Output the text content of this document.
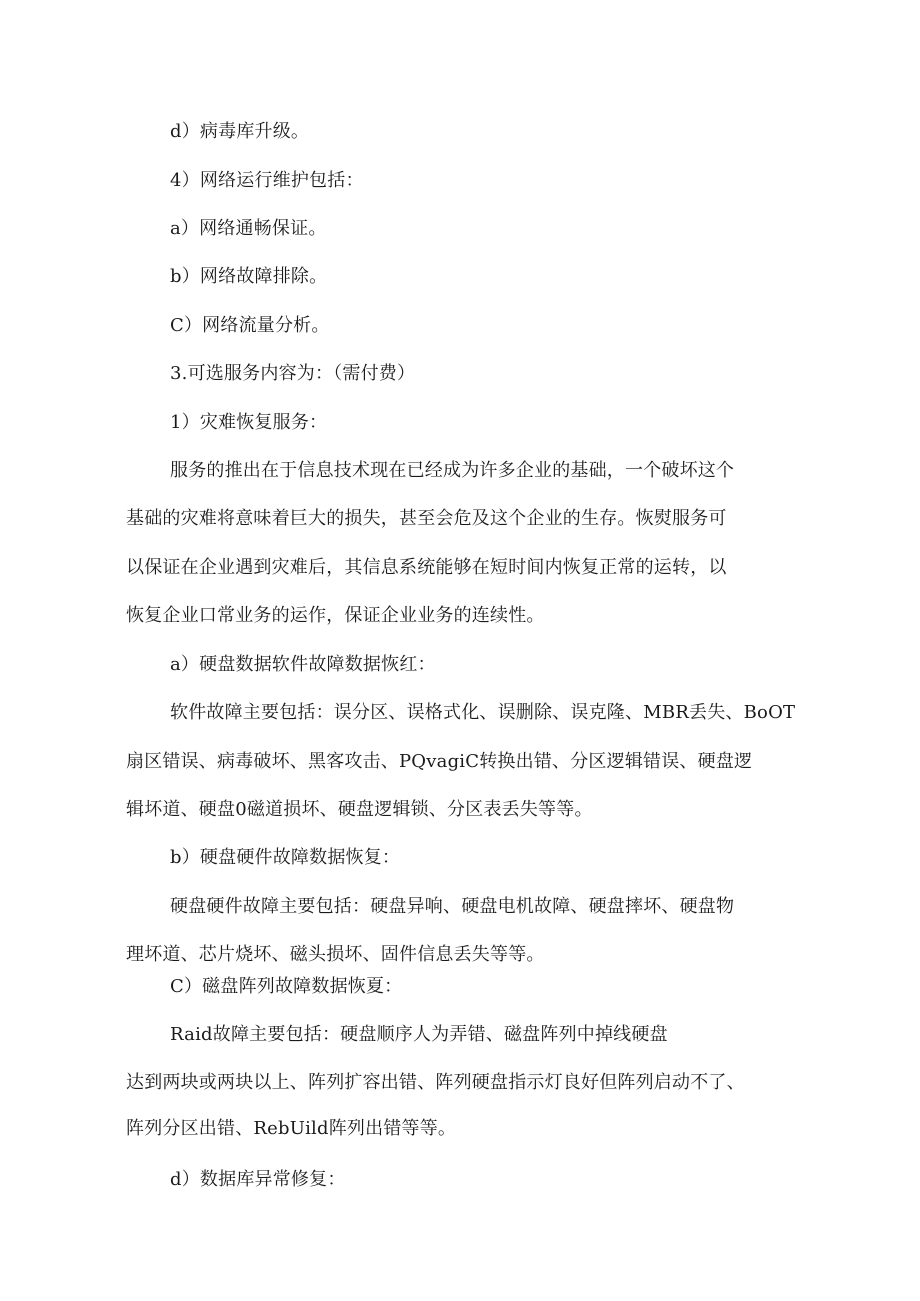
d）病毒库升级。
4）网络运行维护包括：
a）网络通畅保证。
b）网络故障排除。
C）网络流量分析。
3.可选服务内容为：（需付费）
1）灾难恢复服务：
服务的推出在于信息技术现在已经成为许多企业的基础，一个破坏这个
基础的灾难将意味着巨大的损失，甚至会危及这个企业的生存。恢熨服务可
以保证在企业遇到灾难后，其信息系统能够在短时间内恢复正常的运转，以
恢复企业口常业务的运作，保证企业业务的连续性。
a）硬盘数据软件故障数据恢红：
软件故障主要包括：误分区、误格式化、误删除、误克隆、MBR丢失、BoOT
扇区错误、病毒破坏、黑客攻击、PQvagiC转换出错、分区逻辑错误、硬盘逻
辑坏道、硬盘0磁道损坏、硬盘逻辑锁、分区表丢失等等。
b）硬盘硬件故障数据恢复：
硬盘硬件故障主要包括：硬盘异响、硬盘电机故障、硬盘摔坏、硬盘物
理坏道、芯片烧坏、磁头损坏、固件信息丢失等等。
C）磁盘阵列故障数据恢夏：
Raid故障主要包括：硬盘顺序人为弄错、磁盘阵列中掉线硬盘
达到两块或两块以上、阵列扩容出错、阵列硬盘指示灯良好但阵列启动不了、
阵列分区出错、RebUild阵列出错等等。
d）数据库异常修复：
